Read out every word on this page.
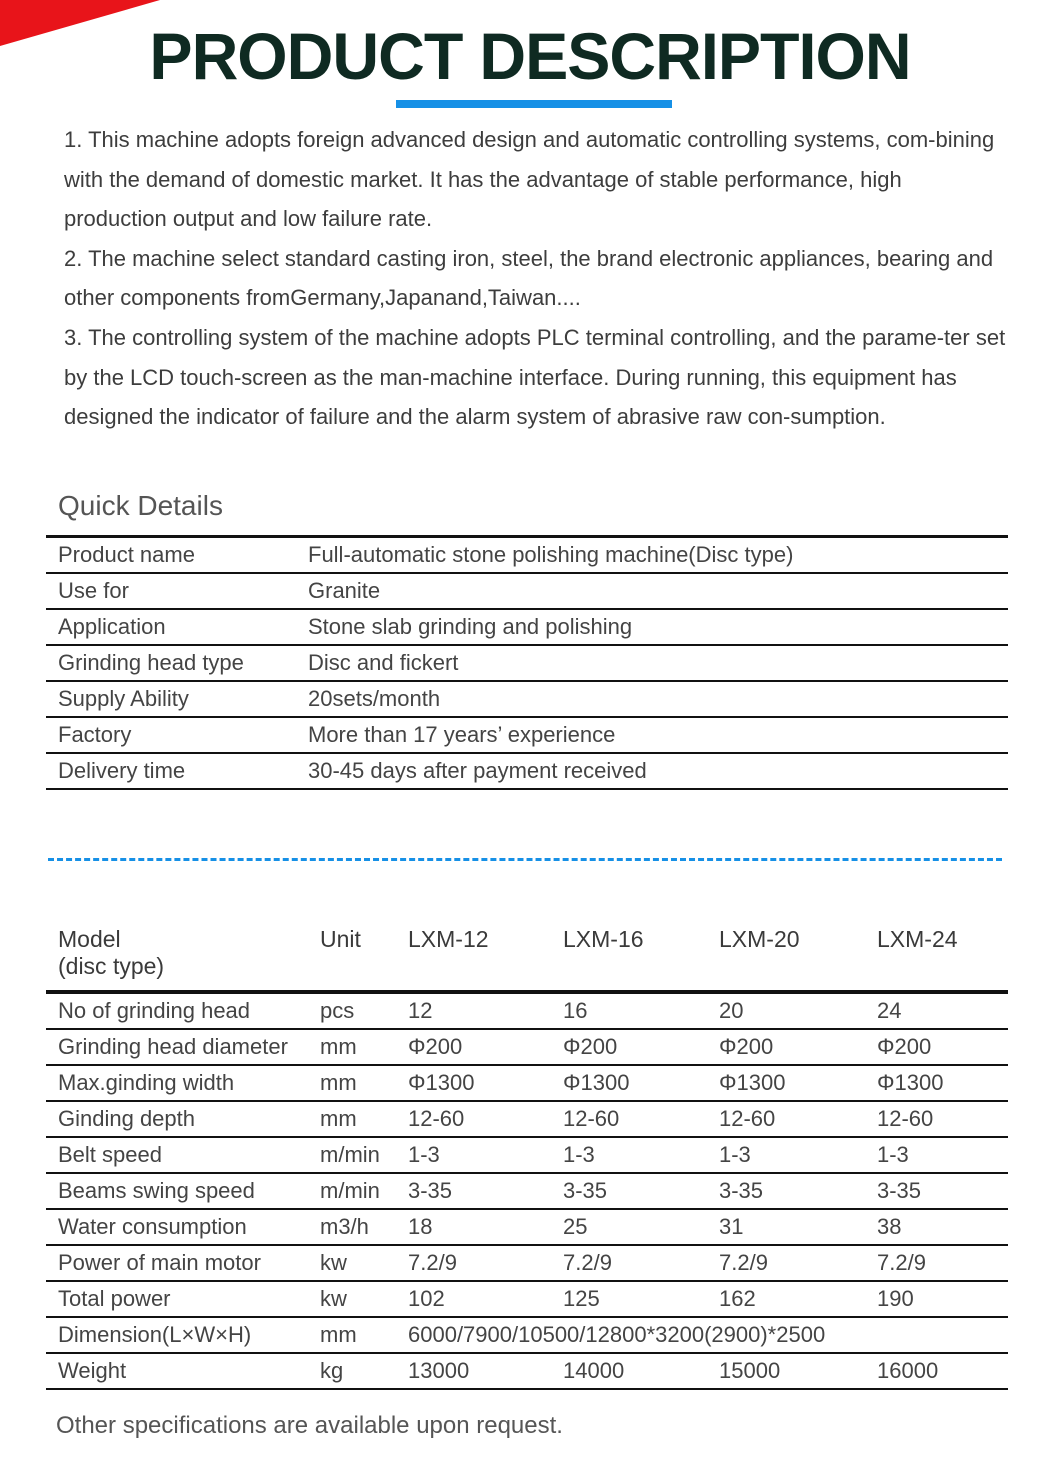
PRODUCT DESCRIPTION

1. This machine adopts foreign advanced design and automatic controlling systems, com-bining with the demand of domestic market. It has the advantage of stable performance, high production output and low failure rate.

2. The machine select standard casting iron, steel, the brand electronic appliances, bearing and other components fromGermany,Japanand,Taiwan....

3. The controlling system of the machine adopts PLC terminal controlling, and the parame-ter set by the LCD touch-screen as the man-machine interface. During running, this equipment has designed the indicator of failure and the alarm system of abrasive raw con-sumption.

Quick Details
Product name	Full-automatic stone polishing machine(Disc type)
Use for	Granite
Application	Stone slab grinding and polishing
Grinding head type	Disc and fickert
Supply Ability	20sets/month
Factory	More than 17 years’ experience
Delivery time	30-45 days after payment received
Model
(disc type)	Unit	LXM-12	LXM-16	LXM-20	LXM-24
No of grinding head	pcs	12	16	20	24
Grinding head diameter	mm	Φ200	Φ200	Φ200	Φ200
Max.ginding width	mm	Φ1300	Φ1300	Φ1300	Φ1300
Ginding depth	mm	12-60	12-60	12-60	12-60
Belt speed	m/min	1-3	1-3	1-3	1-3
Beams swing speed	m/min	3-35	3-35	3-35	3-35
Water consumption	m3/h	18	25	31	38
Power of main motor	kw	7.2/9	7.2/9	7.2/9	7.2/9
Total power	kw	102	125	162	190
Dimension(L×W×H)	mm	6000/7900/10500/12800*3200(2900)*2500			
Weight	kg	13000	14000	15000	16000

Other specifications are available upon request.
